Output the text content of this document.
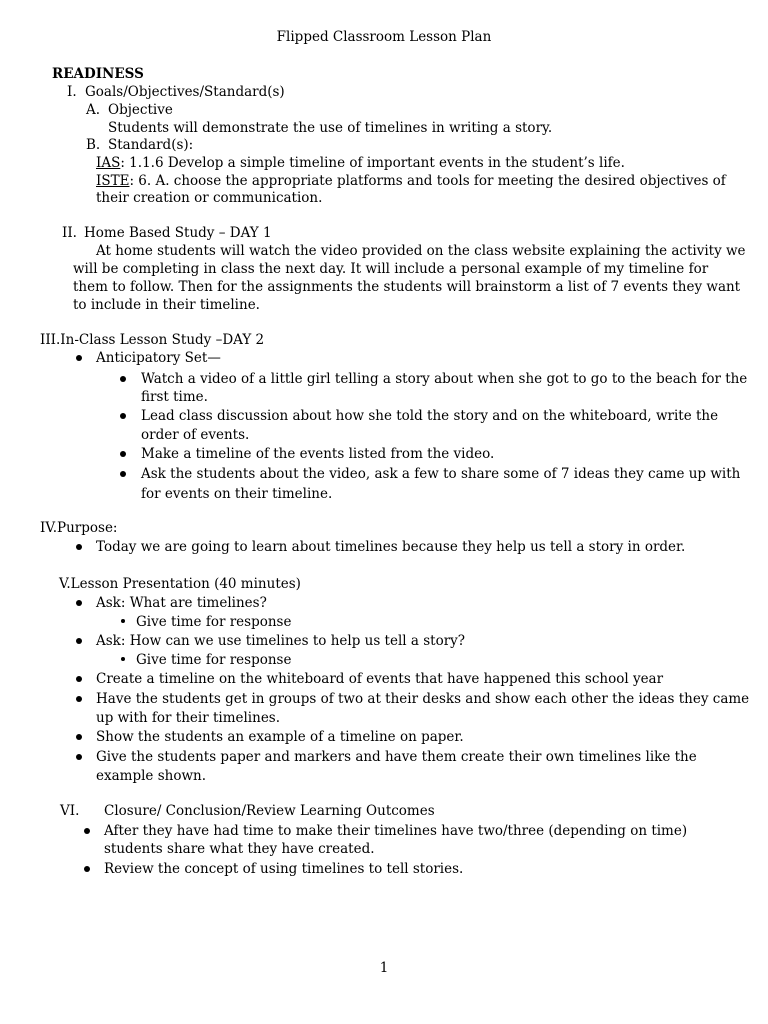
Flipped Classroom Lesson Plan
READINESS
I. Goals/Objectives/Standard(s)
A. Objective
Students will demonstrate the use of timelines in writing a story.
B. Standard(s):
IAS: 1.1.6 Develop a simple timeline of important events in the student’s life.
ISTE: 6. A. choose the appropriate platforms and tools for meeting the desired objectives of
their creation or communication.
II. Home Based Study – DAY 1
At home students will watch the video provided on the class website explaining the activity we
will be completing in class the next day. It will include a personal example of my timeline for
them to follow. Then for the assignments the students will brainstorm a list of 7 events they want
to include in their timeline.
III.In-Class Lesson Study –DAY 2
Anticipatory Set—
Watch a video of a little girl telling a story about when she got to go to the beach for the
first time.
Lead class discussion about how she told the story and on the whiteboard, write the
order of events.
Make a timeline of the events listed from the video.
Ask the students about the video, ask a few to share some of 7 ideas they came up with
for events on their timeline.
IV.Purpose:
Today we are going to learn about timelines because they help us tell a story in order.
V.Lesson Presentation (40 minutes)
Ask: What are timelines?
Give time for response
Ask: How can we use timelines to help us tell a story?
Give time for response
Create a timeline on the whiteboard of events that have happened this school year
Have the students get in groups of two at their desks and show each other the ideas they came
up with for their timelines.
Show the students an example of a timeline on paper.
Give the students paper and markers and have them create their own timelines like the
example shown.
VI. Closure/ Conclusion/Review Learning Outcomes
After they have had time to make their timelines have two/three (depending on time)
students share what they have created.
Review the concept of using timelines to tell stories.
1
